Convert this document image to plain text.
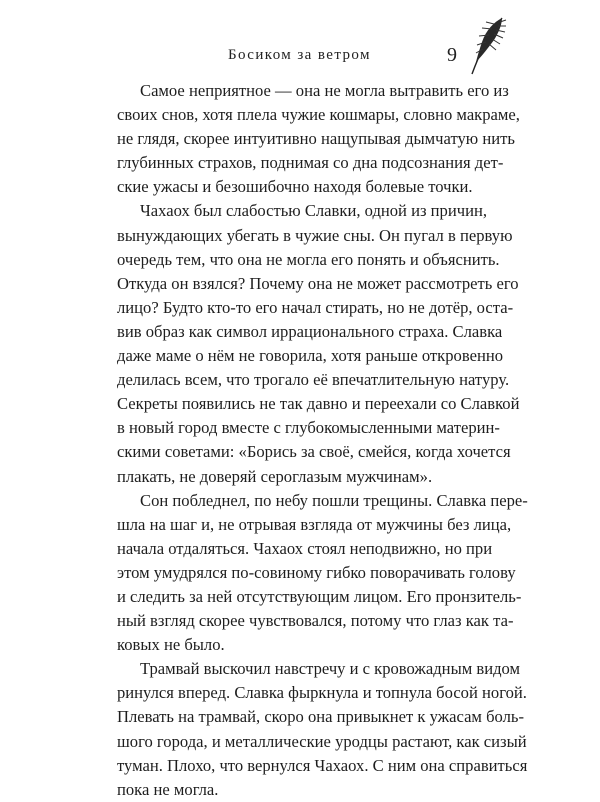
Босиком за ветром	9

Самое неприятное — она не могла вытравить его из
своих снов, хотя плела чужие кошмары, словно макраме,
не глядя, скорее интуитивно нащупывая дымчатую нить
глубинных страхов, поднимая со дна подсознания дет-
ские ужасы и безошибочно находя болевые точки.

Чахаох был слабостью Славки, одной из причин,
вынуждающих убегать в чужие сны. Он пугал в первую
очередь тем, что она не могла его понять и объяснить.
Откуда он взялся? Почему она не может рассмотреть его
лицо? Будто кто-то его начал стирать, но не дотёр, оста-
вив образ как символ иррационального страха. Славка
даже маме о нём не говорила, хотя раньше откровенно
делилась всем, что трогало её впечатлительную натуру.
Секреты появились не так давно и переехали со Славкой
в новый город вместе с глубокомысленными материн-
скими советами: «Борись за своё, смейся, когда хочется
плакать, не доверяй сероглазым мужчинам».

Сон побледнел, по небу пошли трещины. Славка пере-
шла на шаг и, не отрывая взгляда от мужчины без лица,
начала отдаляться. Чахаох стоял неподвижно, но при
этом умудрялся по-совиному гибко поворачивать голову
и следить за ней отсутствующим лицом. Его пронзитель-
ный взгляд скорее чувствовался, потому что глаз как та-
ковых не было.

Трамвай выскочил навстречу и с кровожадным видом
ринулся вперед. Славка фыркнула и топнула босой ногой.
Плевать на трамвай, скоро она привыкнет к ужасам боль-
шого города, и металлические уродцы растают, как сизый
туман. Плохо, что вернулся Чахаох. С ним она справиться
пока не могла.
